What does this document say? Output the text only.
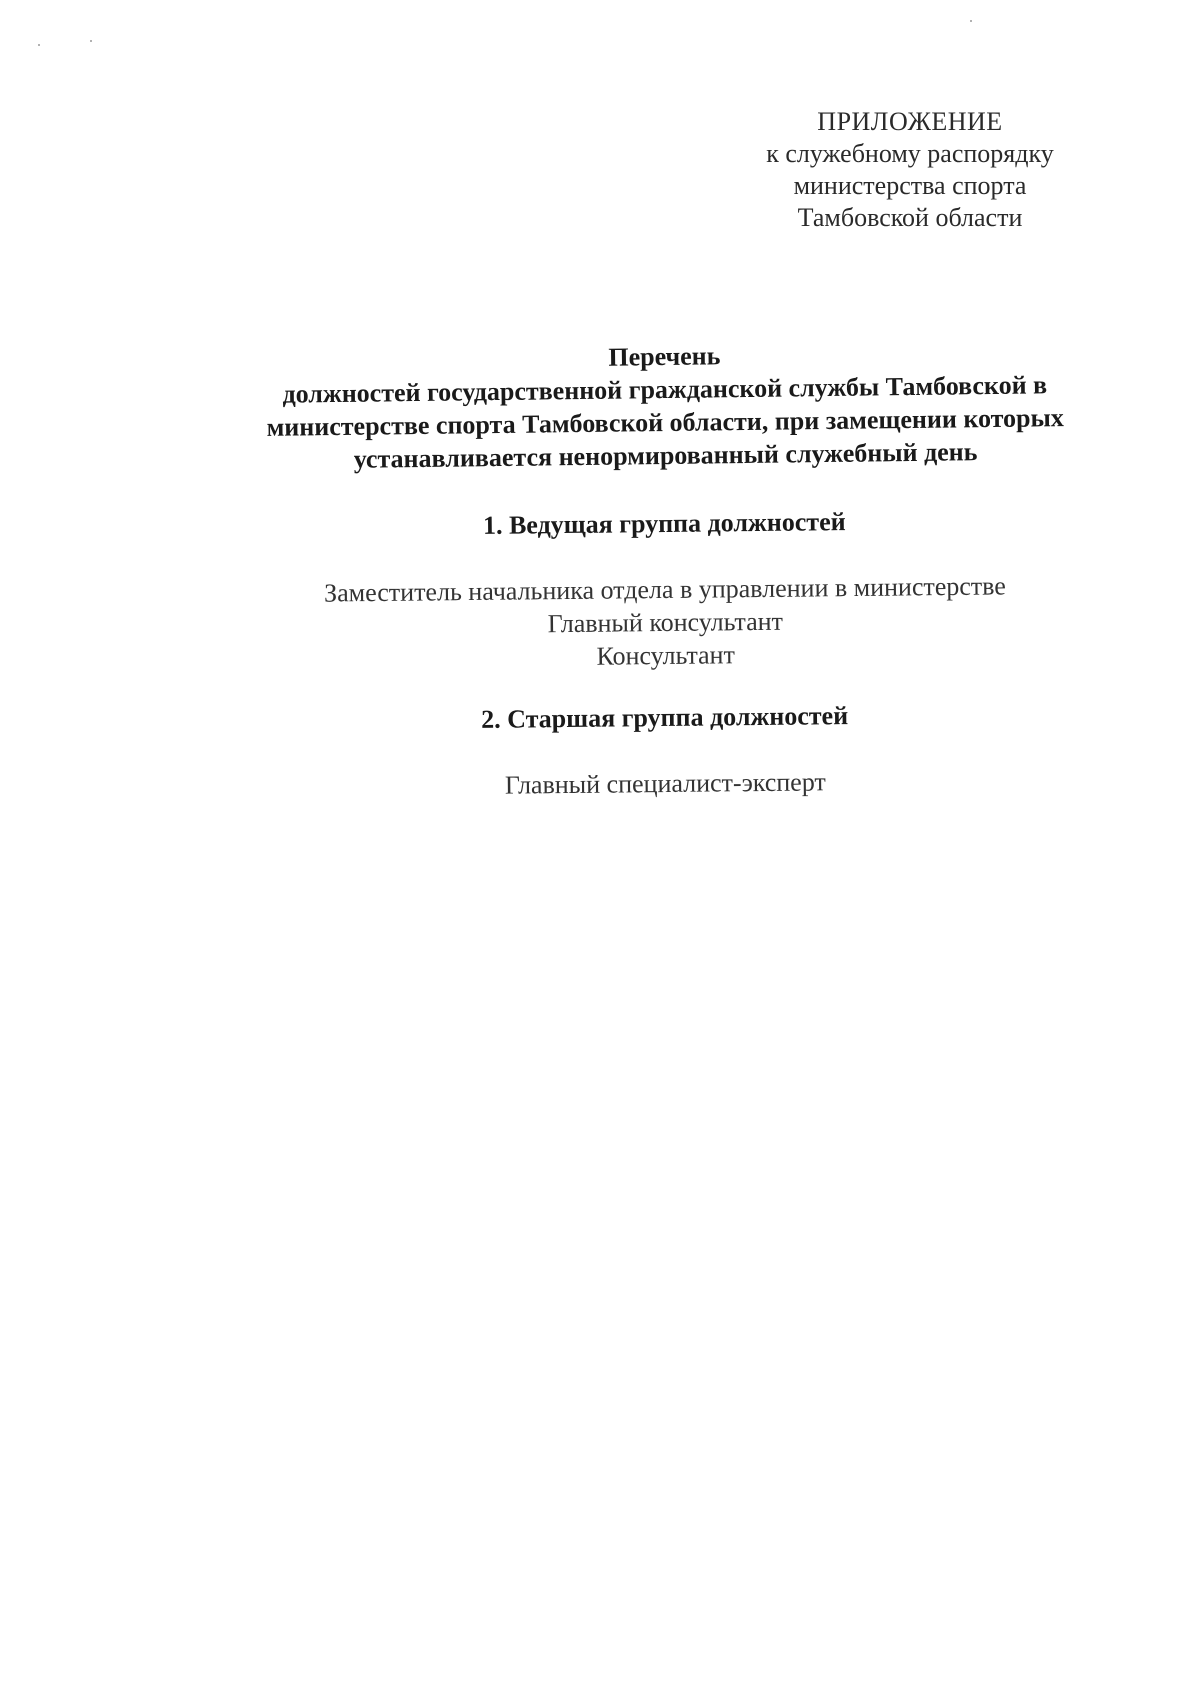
ПРИЛОЖЕНИЕ
к служебному распорядку
министерства спорта
Тамбовской области
Перечень
должностей государственной гражданской службы Тамбовской в
министерстве спорта Тамбовской области, при замещении которых
устанавливается ненормированный служебный день
1. Ведущая группа должностей
Заместитель начальника отдела в управлении в министерстве
Главный консультант
Консультант
2. Старшая группа должностей
Главный специалист-эксперт
